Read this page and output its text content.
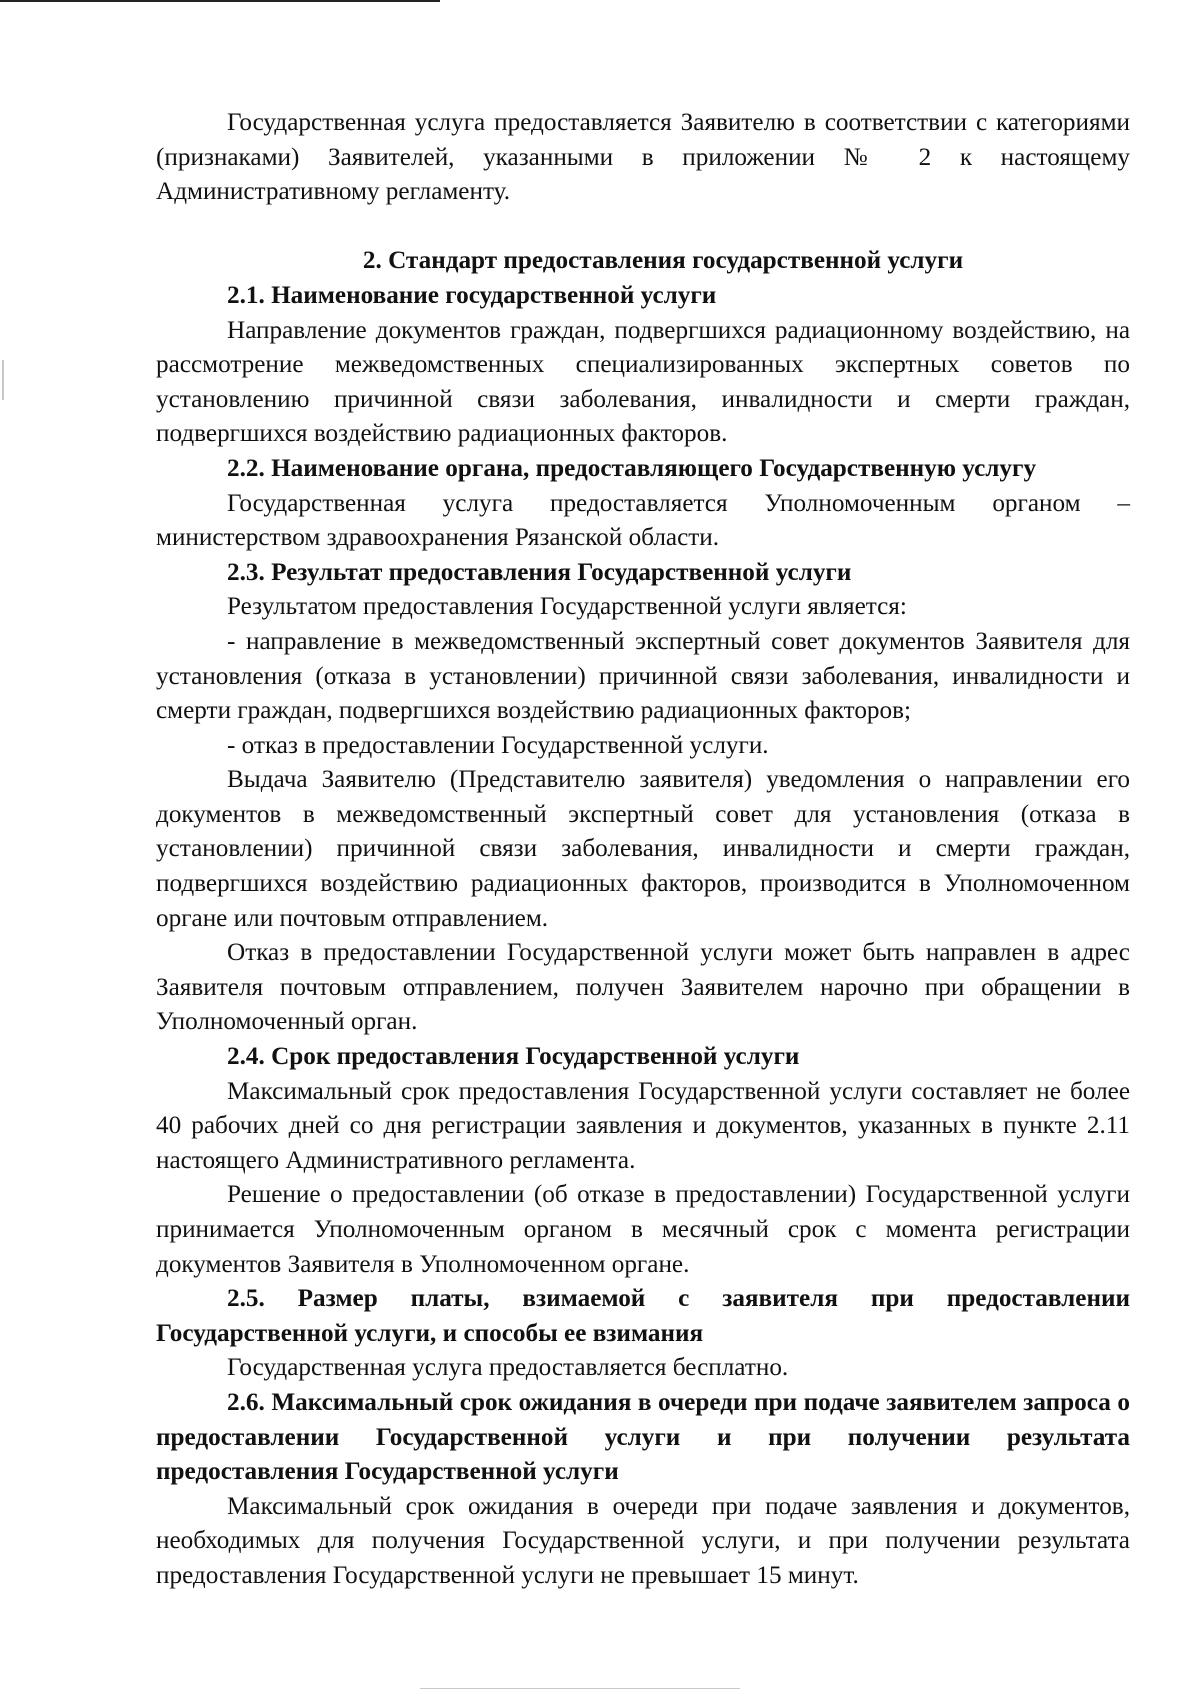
Государственная услуга предоставляется Заявителю в соответствии с категориями (признаками) Заявителей, указанными в приложении № 2 к настоящему Административному регламенту.

2. Стандарт предоставления государственной услуги
2.1. Наименование государственной услуги

Направление документов граждан, подвергшихся радиационному воздействию, на рассмотрение межведомственных специализированных экспертных советов по установлению причинной связи заболевания, инвалидности и смерти граждан, подвергшихся воздействию радиационных факторов.

2.2. Наименование органа, предоставляющего Государственную услугу

Государственная услуга предоставляется Уполномоченным органом – министерством здравоохранения Рязанской области.

2.3. Результат предоставления Государственной услуги

Результатом предоставления Государственной услуги является:

- направление в межведомственный экспертный совет документов Заявителя для установления (отказа в установлении) причинной связи заболевания, инвалидности и смерти граждан, подвергшихся воздействию радиационных факторов;

- отказ в предоставлении Государственной услуги.

Выдача Заявителю (Представителю заявителя) уведомления о направлении его документов в межведомственный экспертный совет для установления (отказа в установлении) причинной связи заболевания, инвалидности и смерти граждан, подвергшихся воздействию радиационных факторов, производится в Уполномоченном органе или почтовым отправлением.

Отказ в предоставлении Государственной услуги может быть направлен в адрес Заявителя почтовым отправлением, получен Заявителем нарочно при обращении в Уполномоченный орган.

2.4. Срок предоставления Государственной услуги

Максимальный срок предоставления Государственной услуги составляет не более 40 рабочих дней со дня регистрации заявления и документов, указанных в пункте 2.11 настоящего Административного регламента.

Решение о предоставлении (об отказе в предоставлении) Государственной услуги принимается Уполномоченным органом в месячный срок с момента регистрации документов Заявителя в Уполномоченном органе.

2.5. Размер платы, взимаемой с заявителя при предоставлении Государственной услуги, и способы ее взимания

Государственная услуга предоставляется бесплатно.

2.6. Максимальный срок ожидания в очереди при подаче заявителем запроса о предоставлении Государственной услуги и при получении результата предоставления Государственной услуги

Максимальный срок ожидания в очереди при подаче заявления и документов, необходимых для получения Государственной услуги, и при получении результата предоставления Государственной услуги не превышает 15 минут.
